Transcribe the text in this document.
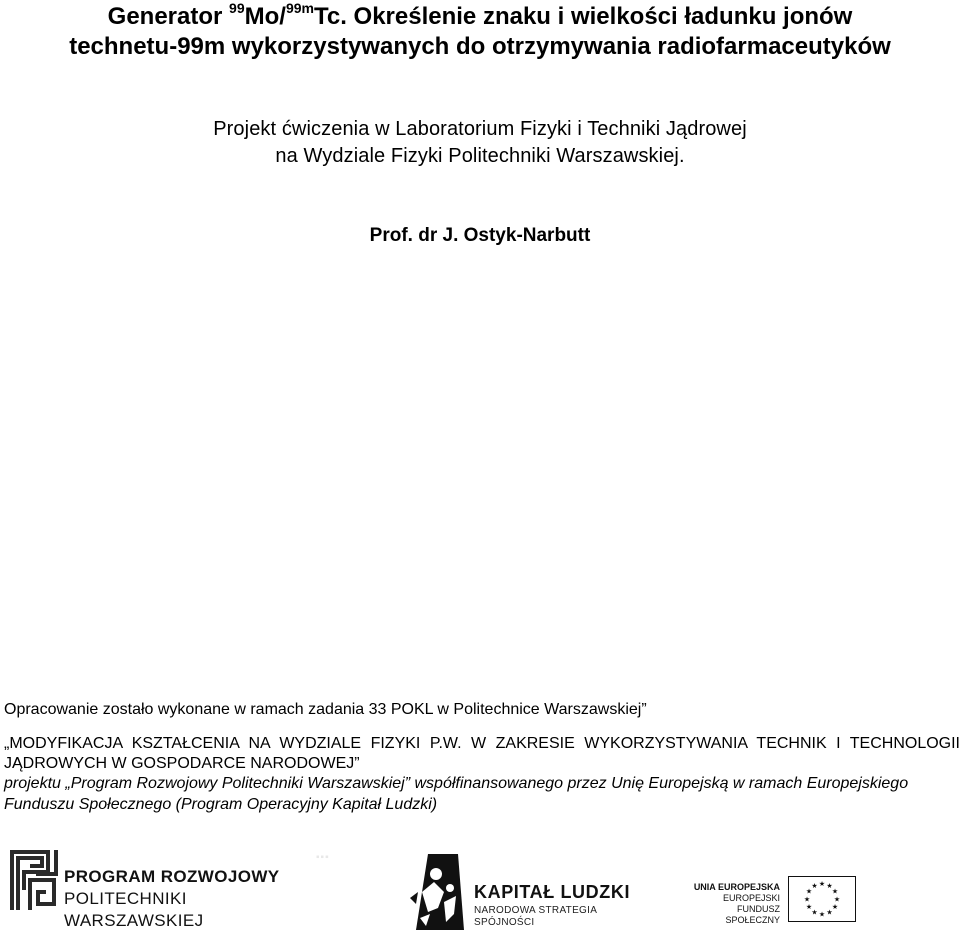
Generator $^{99}$Mo/$^{99m}$Tc. Określenie znaku i wielkości ładunku jonów
technetu-99m wykorzystywanych do otrzymywania radiofarmaceutyków
Projekt ćwiczenia w Laboratorium Fizyki i Techniki Jądrowej
na Wydziale Fizyki Politechniki Warszawskiej.
Prof. dr J. Ostyk-Narbutt
Opracowanie zostało wykonane w ramach zadania 33 POKL w Politechnice Warszawskiej”
„MODYFIKACJA KSZTAŁCENIA NA WYDZIALE FIZYKI P.W. W ZAKRESIE WYKORZYSTYWANIA TECHNIK I TECHNOLOGII JĄDROWYCH W GOSPODARCE NARODOWEJ”
projektu „Program Rozwojowy Politechniki Warszawskiej” współfinansowanego przez Unię Europejską w ramach Europejskiego Funduszu Społecznego (Program Operacyjny Kapitał Ludzki)
PROGRAM ROZWOJOWY
POLITECHNIKI WARSZAWSKIEJ
▪▪▪
KAPITAŁ LUDZKI
NARODOWA STRATEGIA SPÓJNOŚCI
UNIA EUROPEJSKA
EUROPEJSKI
FUNDUSZ SPOŁECZNY
★ ★
★
★
★
★
★
★
★
★
★
★
